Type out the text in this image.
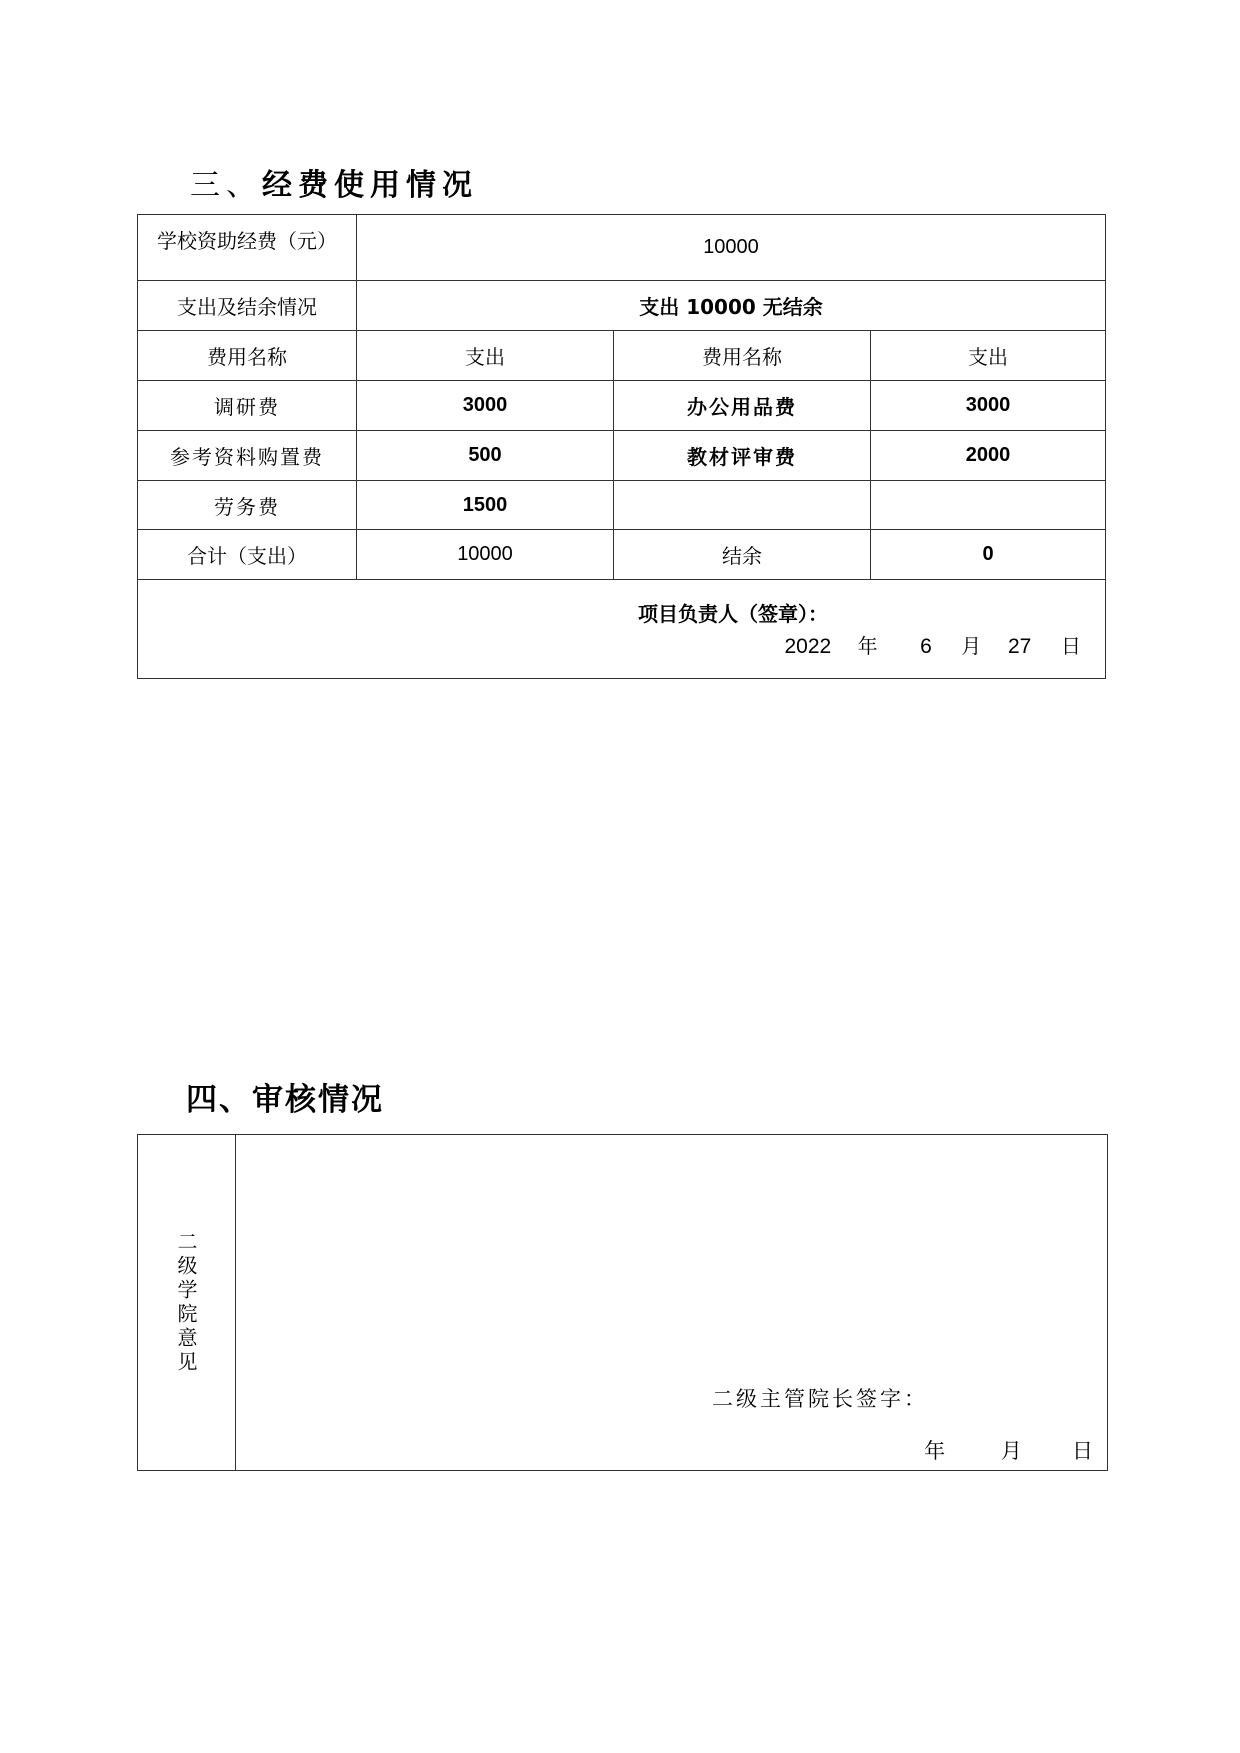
三、经费使用情况
学校资助经费（元）	10000		
支出及结余情况	支出 10000 无结余		
费用名称	支出	费用名称	支出
调研费	3000	办公用品费	3000
参考资料购置费	500	教材评审费	2000
劳务费	1500		
合计（支出）	10000	结余	0

项目负责人（签章）：
2022 年 6 月 27 日			
四、审核情况
二级学院意见

二级主管院长签字：
年	月 日
